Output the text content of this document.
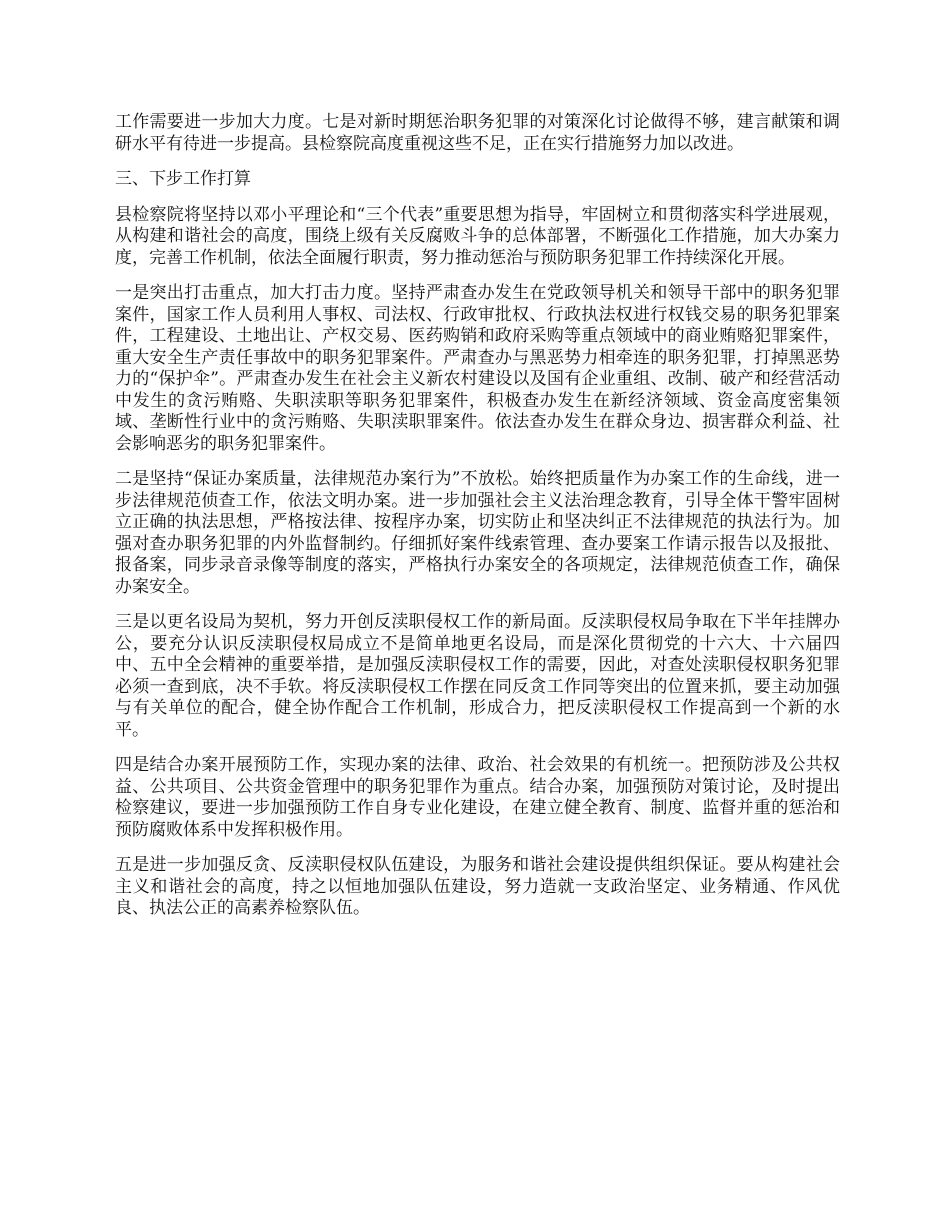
工作需要进一步加大力度。七是对新时期惩治职务犯罪的对策深化讨论做得不够，建言献策和调研水平有待进一步提高。县检察院高度重视这些不足，正在实行措施努力加以改进。

三、下步工作打算

县检察院将坚持以邓小平理论和“三个代表”重要思想为指导，牢固树立和贯彻落实科学进展观，从构建和谐社会的高度，围绕上级有关反腐败斗争的总体部署，不断强化工作措施，加大办案力度，完善工作机制，依法全面履行职责，努力推动惩治与预防职务犯罪工作持续深化开展。

一是突出打击重点，加大打击力度。坚持严肃查办发生在党政领导机关和领导干部中的职务犯罪案件，国家工作人员利用人事权、司法权、行政审批权、行政执法权进行权钱交易的职务犯罪案件，工程建设、土地出让、产权交易、医药购销和政府采购等重点领域中的商业贿赂犯罪案件，重大安全生产责任事故中的职务犯罪案件。严肃查办与黑恶势力相牵连的职务犯罪，打掉黑恶势力的“保护伞”。严肃查办发生在社会主义新农村建设以及国有企业重组、改制、破产和经营活动中发生的贪污贿赂、失职渎职等职务犯罪案件，积极查办发生在新经济领域、资金高度密集领域、垄断性行业中的贪污贿赂、失职渎职罪案件。依法查办发生在群众身边、损害群众利益、社会影响恶劣的职务犯罪案件。

二是坚持“保证办案质量，法律规范办案行为”不放松。始终把质量作为办案工作的生命线，进一步法律规范侦查工作，依法文明办案。进一步加强社会主义法治理念教育，引导全体干警牢固树立正确的执法思想，严格按法律、按程序办案，切实防止和坚决纠正不法律规范的执法行为。加强对查办职务犯罪的内外监督制约。仔细抓好案件线索管理、查办要案工作请示报告以及报批、报备案，同步录音录像等制度的落实，严格执行办案安全的各项规定，法律规范侦查工作，确保办案安全。

三是以更名设局为契机，努力开创反渎职侵权工作的新局面。反渎职侵权局争取在下半年挂牌办公，要充分认识反渎职侵权局成立不是简单地更名设局，而是深化贯彻党的十六大、十六届四中、五中全会精神的重要举措，是加强反渎职侵权工作的需要，因此，对查处渎职侵权职务犯罪必须一查到底，决不手软。将反渎职侵权工作摆在同反贪工作同等突出的位置来抓，要主动加强与有关单位的配合，健全协作配合工作机制，形成合力，把反渎职侵权工作提高到一个新的水平。

四是结合办案开展预防工作，实现办案的法律、政治、社会效果的有机统一。把预防涉及公共权益、公共项目、公共资金管理中的职务犯罪作为重点。结合办案，加强预防对策讨论，及时提出检察建议，要进一步加强预防工作自身专业化建设，在建立健全教育、制度、监督并重的惩治和预防腐败体系中发挥积极作用。

五是进一步加强反贪、反渎职侵权队伍建设，为服务和谐社会建设提供组织保证。要从构建社会主义和谐社会的高度，持之以恒地加强队伍建设，努力造就一支政治坚定、业务精通、作风优良、执法公正的高素养检察队伍。
